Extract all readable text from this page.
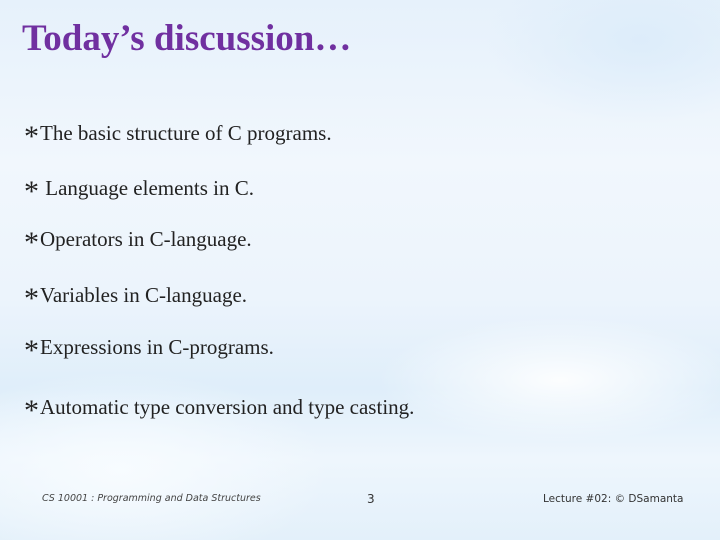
Today’s discussion…
*The basic structure of C programs.
* Language elements in C.
*Operators in C-language.
*Variables in C-language.
*Expressions in C-programs.
*Automatic type conversion and type casting.
CS 10001 : Programming and Data Structures	3	Lecture #02: © DSamanta
